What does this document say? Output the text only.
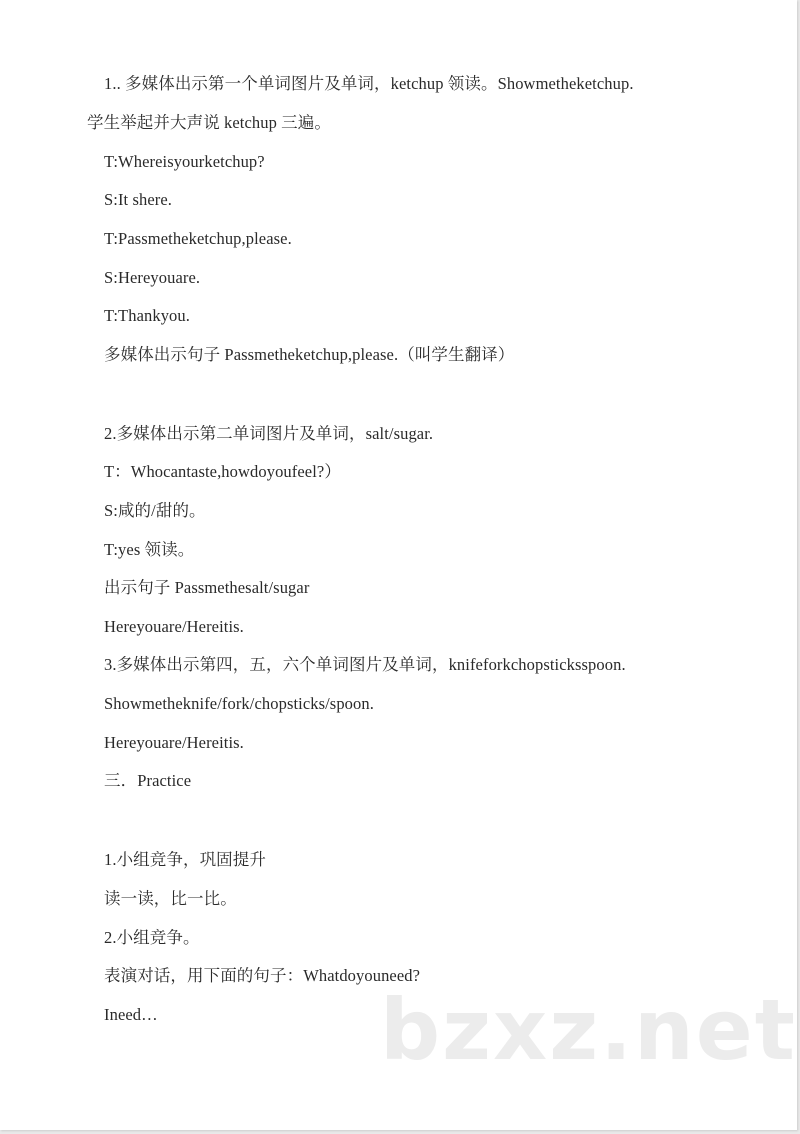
1.. 多媒体出示第一个单词图片及单词，ketchup 领读。Showmetheketchup.
学生举起并大声说 ketchup 三遍。
T:Whereisyourketchup?
S:It shere.
T:Passmetheketchup,please.
S:Hereyouare.
T:Thankyou.
多媒体出示句子 Passmetheketchup,please.（叫学生翻译）
2.多媒体出示第二单词图片及单词，salt/sugar.
T：Whocantaste,howdoyoufeel?）
S:咸的/甜的。
T:yes 领读。
出示句子 Passmethesalt/sugar
Hereyouare/Hereitis.
3.多媒体出示第四，五，六个单词图片及单词，knifeforkchopsticksspoon.
Showmetheknife/fork/chopsticks/spoon.
Hereyouare/Hereitis.
三．Practice
1.小组竞争，巩固提升
读一读，比一比。
2.小组竞争。
表演对话，用下面的句子：Whatdoyouneed?
Ineed…	bzxz.net
